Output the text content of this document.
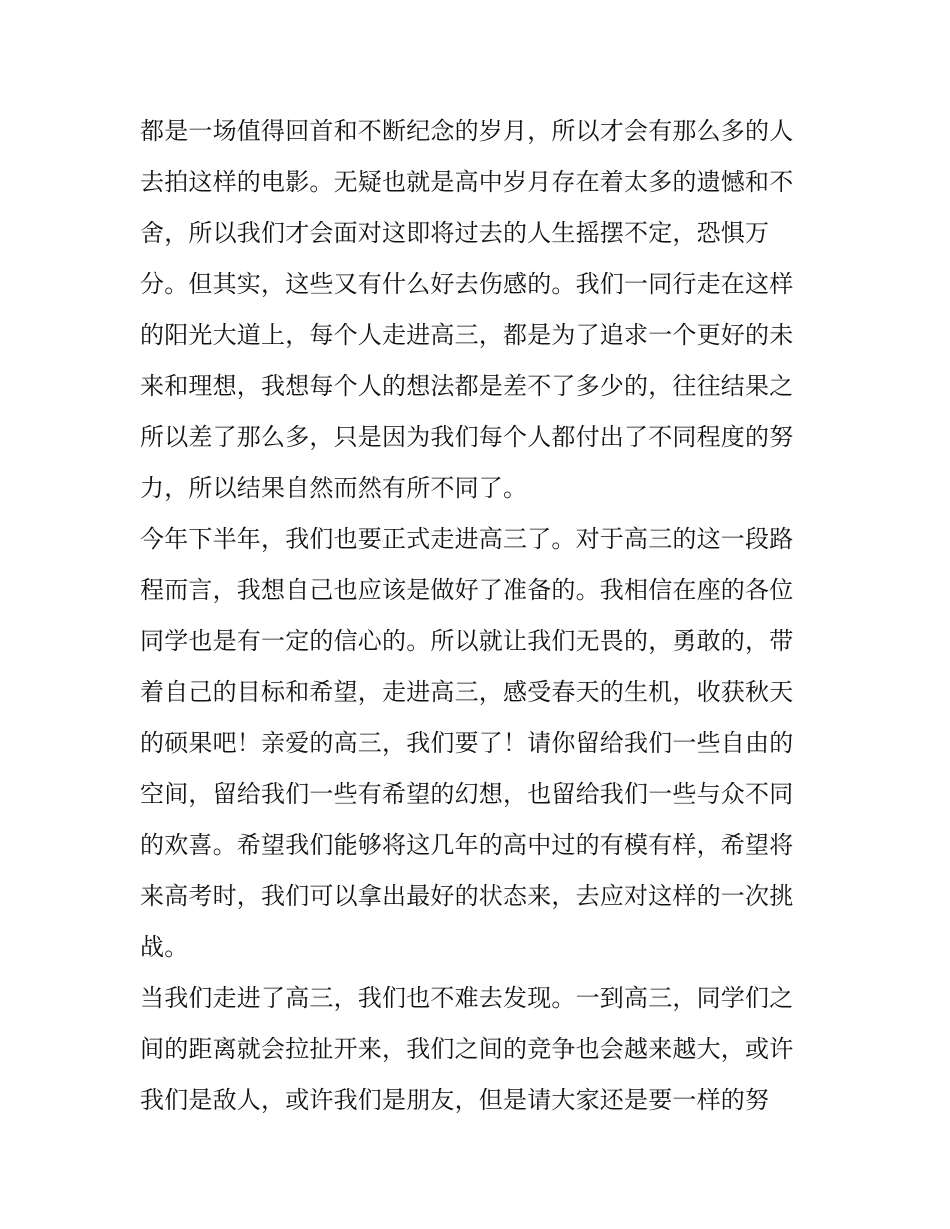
都是一场值得回首和不断纪念的岁月，所以才会有那么多的人
去拍这样的电影。无疑也就是高中岁月存在着太多的遗憾和不
舍，所以我们才会面对这即将过去的人生摇摆不定，恐惧万
分。但其实，这些又有什么好去伤感的。我们一同行走在这样
的阳光大道上，每个人走进高三，都是为了追求一个更好的未
来和理想，我想每个人的想法都是差不了多少的，往往结果之
所以差了那么多，只是因为我们每个人都付出了不同程度的努
力，所以结果自然而然有所不同了。
今年下半年，我们也要正式走进高三了。对于高三的这一段路
程而言，我想自己也应该是做好了准备的。我相信在座的各位
同学也是有一定的信心的。所以就让我们无畏的，勇敢的，带
着自己的目标和希望，走进高三，感受春天的生机，收获秋天
的硕果吧！亲爱的高三，我们要了！请你留给我们一些自由的
空间，留给我们一些有希望的幻想，也留给我们一些与众不同
的欢喜。希望我们能够将这几年的高中过的有模有样，希望将
来高考时，我们可以拿出最好的状态来，去应对这样的一次挑
战。
当我们走进了高三，我们也不难去发现。一到高三，同学们之
间的距离就会拉扯开来，我们之间的竞争也会越来越大，或许
我们是敌人，或许我们是朋友，但是请大家还是要一样的努
